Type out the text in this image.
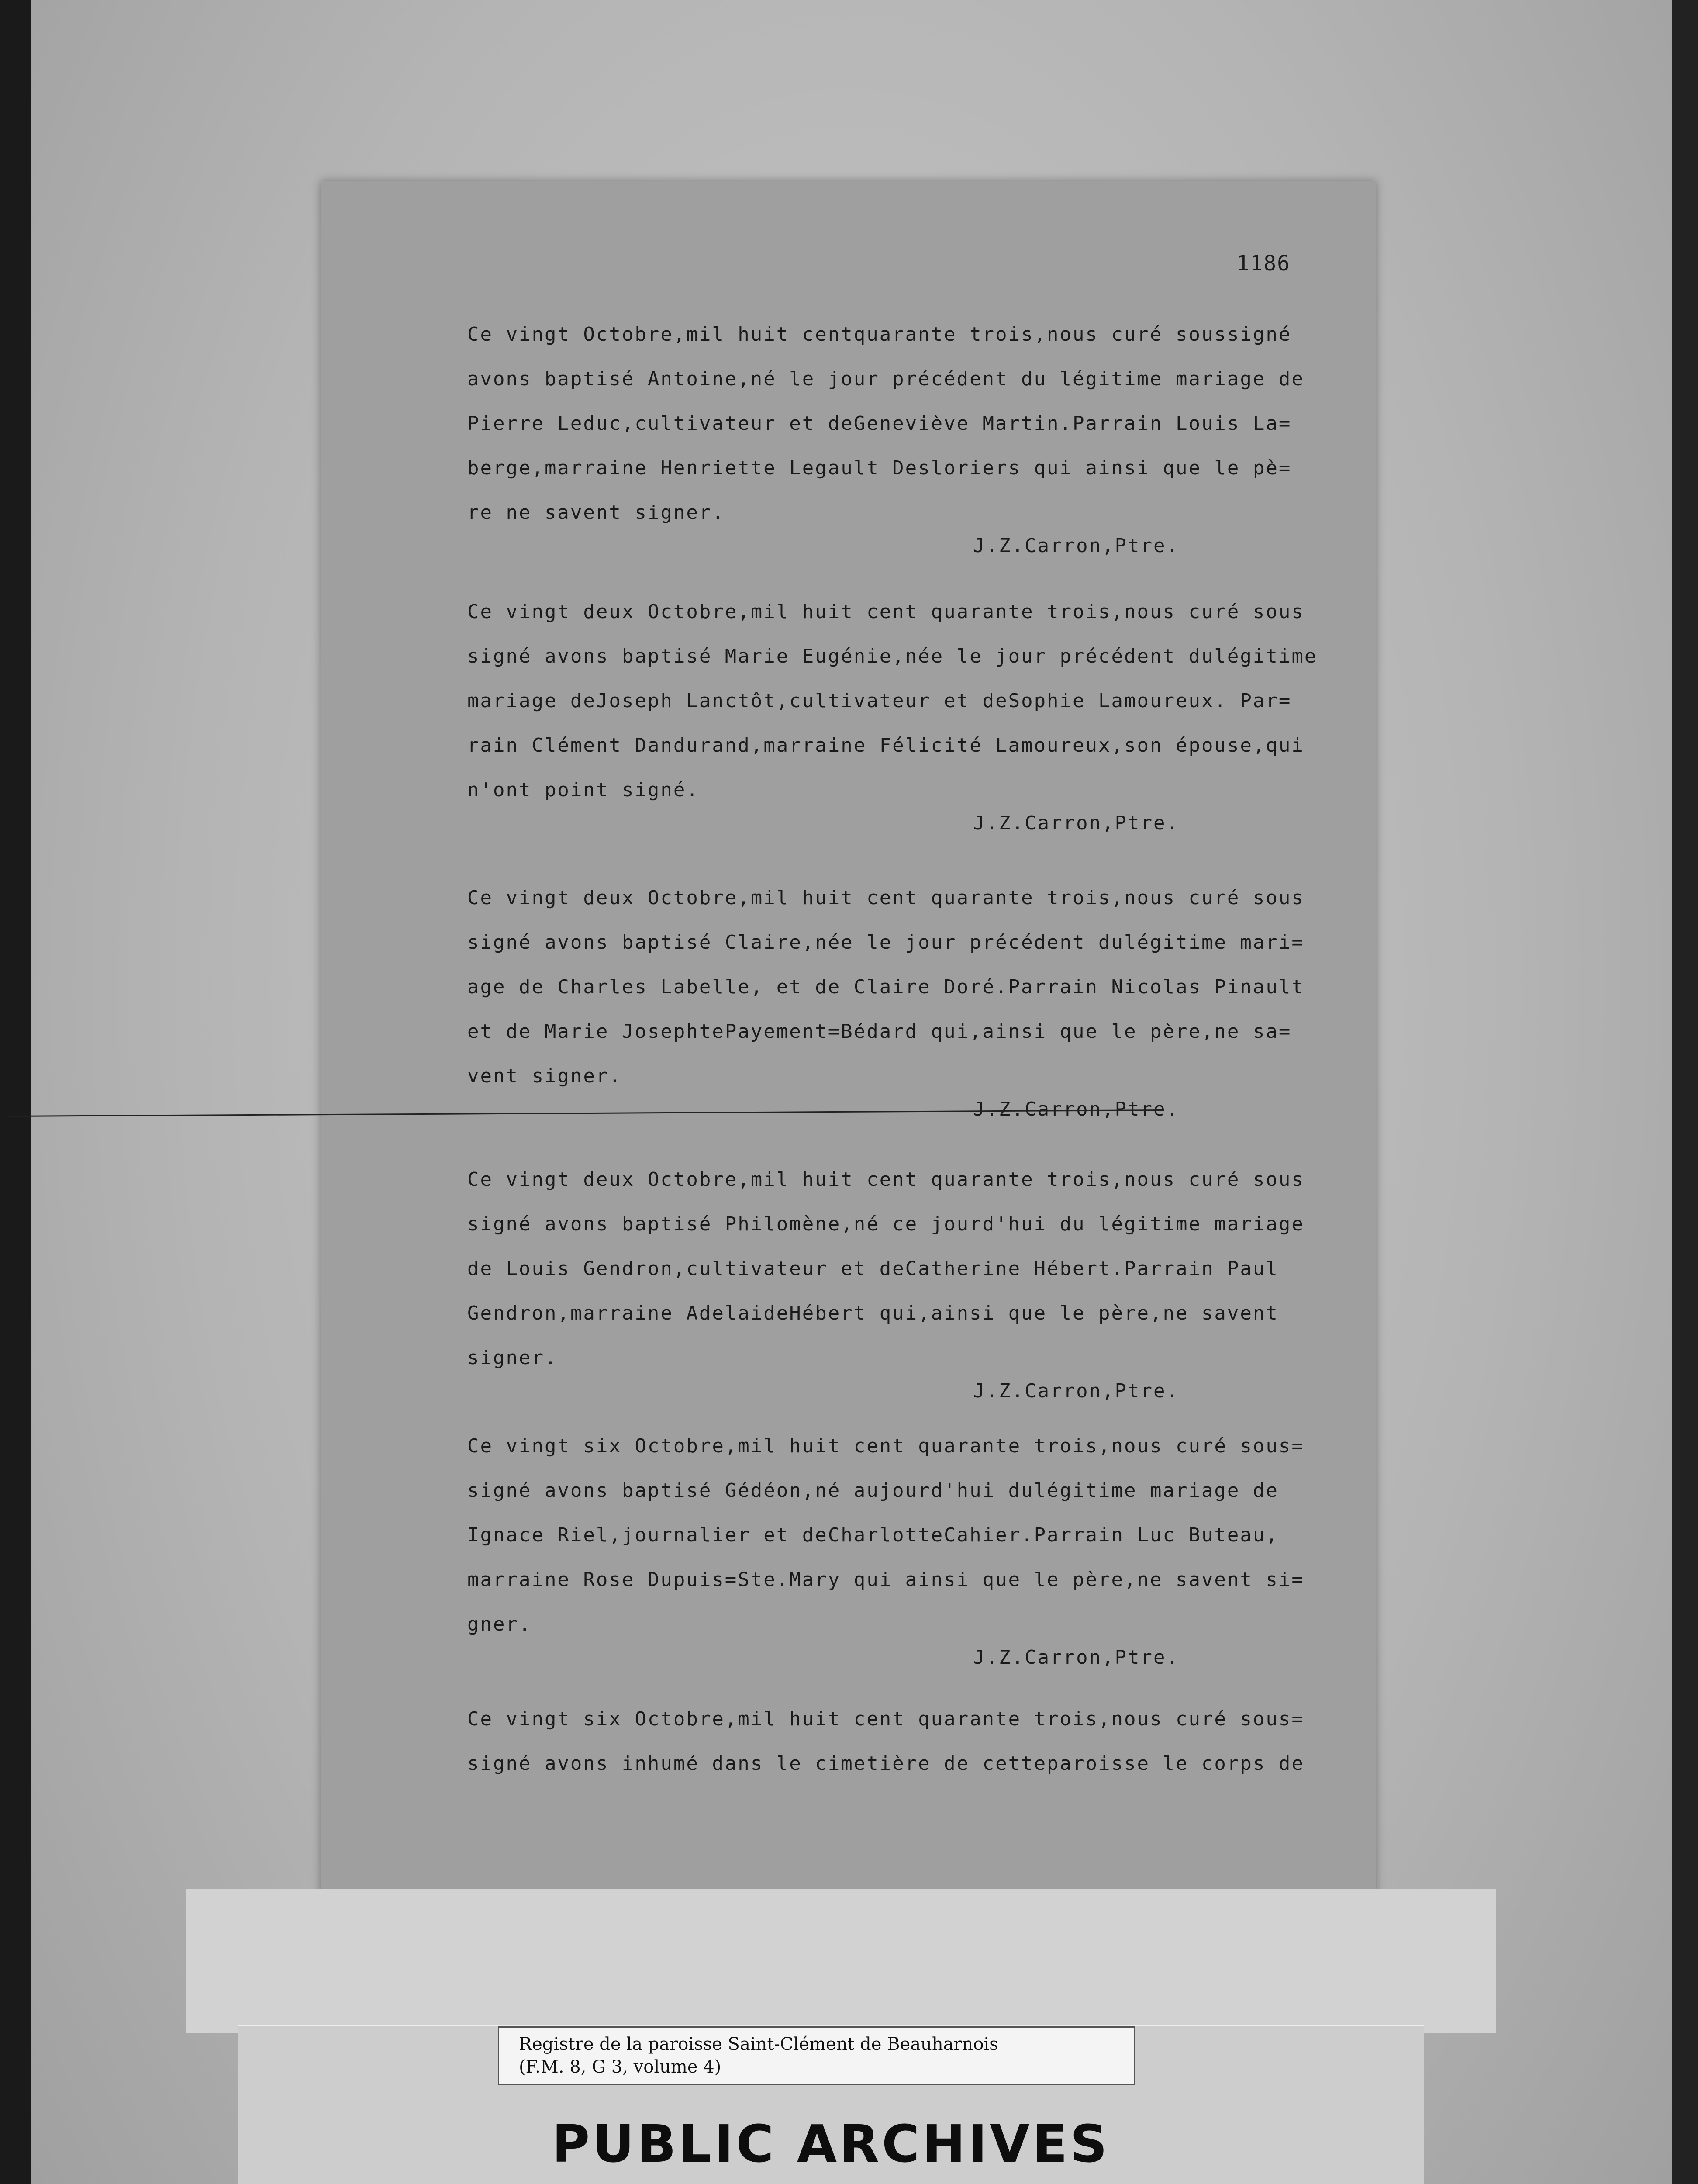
1186
Ce vingt Octobre,mil huit centquarante trois,nous curé soussigné
avons baptisé Antoine,né le jour précédent du légitime mariage de
Pierre Leduc,cultivateur et deGeneviève Martin.Parrain Louis La=
berge,marraine Henriette Legault Desloriers qui ainsi que le pè=
re ne savent signer.
J.Z.Carron,Ptre.
Ce vingt deux Octobre,mil huit cent quarante trois,nous curé sous
signé avons baptisé Marie Eugénie,née le jour précédent dulégitime
mariage deJoseph Lanctôt,cultivateur et deSophie Lamoureux. Par=
rain Clément Dandurand,marraine Félicité Lamoureux,son épouse,qui
n'ont point signé.
J.Z.Carron,Ptre.
Ce vingt deux Octobre,mil huit cent quarante trois,nous curé sous
signé avons baptisé Claire,née le jour précédent dulégitime mari=
age de Charles Labelle, et de Claire Doré.Parrain Nicolas Pinault
et de Marie JosephtePayement=Bédard qui,ainsi que le père,ne sa=
vent signer.
J.Z.Carron,Ptre.
Ce vingt deux Octobre,mil huit cent quarante trois,nous curé sous
signé avons baptisé Philomène,né ce jourd'hui du légitime mariage
de Louis Gendron,cultivateur et deCatherine Hébert.Parrain Paul
Gendron,marraine AdelaideHébert qui,ainsi que le père,ne savent
signer.
J.Z.Carron,Ptre.
Ce vingt six Octobre,mil huit cent quarante trois,nous curé sous=
signé avons baptisé Gédéon,né aujourd'hui dulégitime mariage de
Ignace Riel,journalier et deCharlotteCahier.Parrain Luc Buteau,
marraine Rose Dupuis=Ste.Mary qui ainsi que le père,ne savent si=
gner.
J.Z.Carron,Ptre.
Ce vingt six Octobre,mil huit cent quarante trois,nous curé sous=
signé avons inhumé dans le cimetière de cetteparoisse le corps de
Registre de la paroisse Saint-Clément de Beauharnois
(F.M. 8, G 3, volume 4)
PUBLIC ARCHIVES
